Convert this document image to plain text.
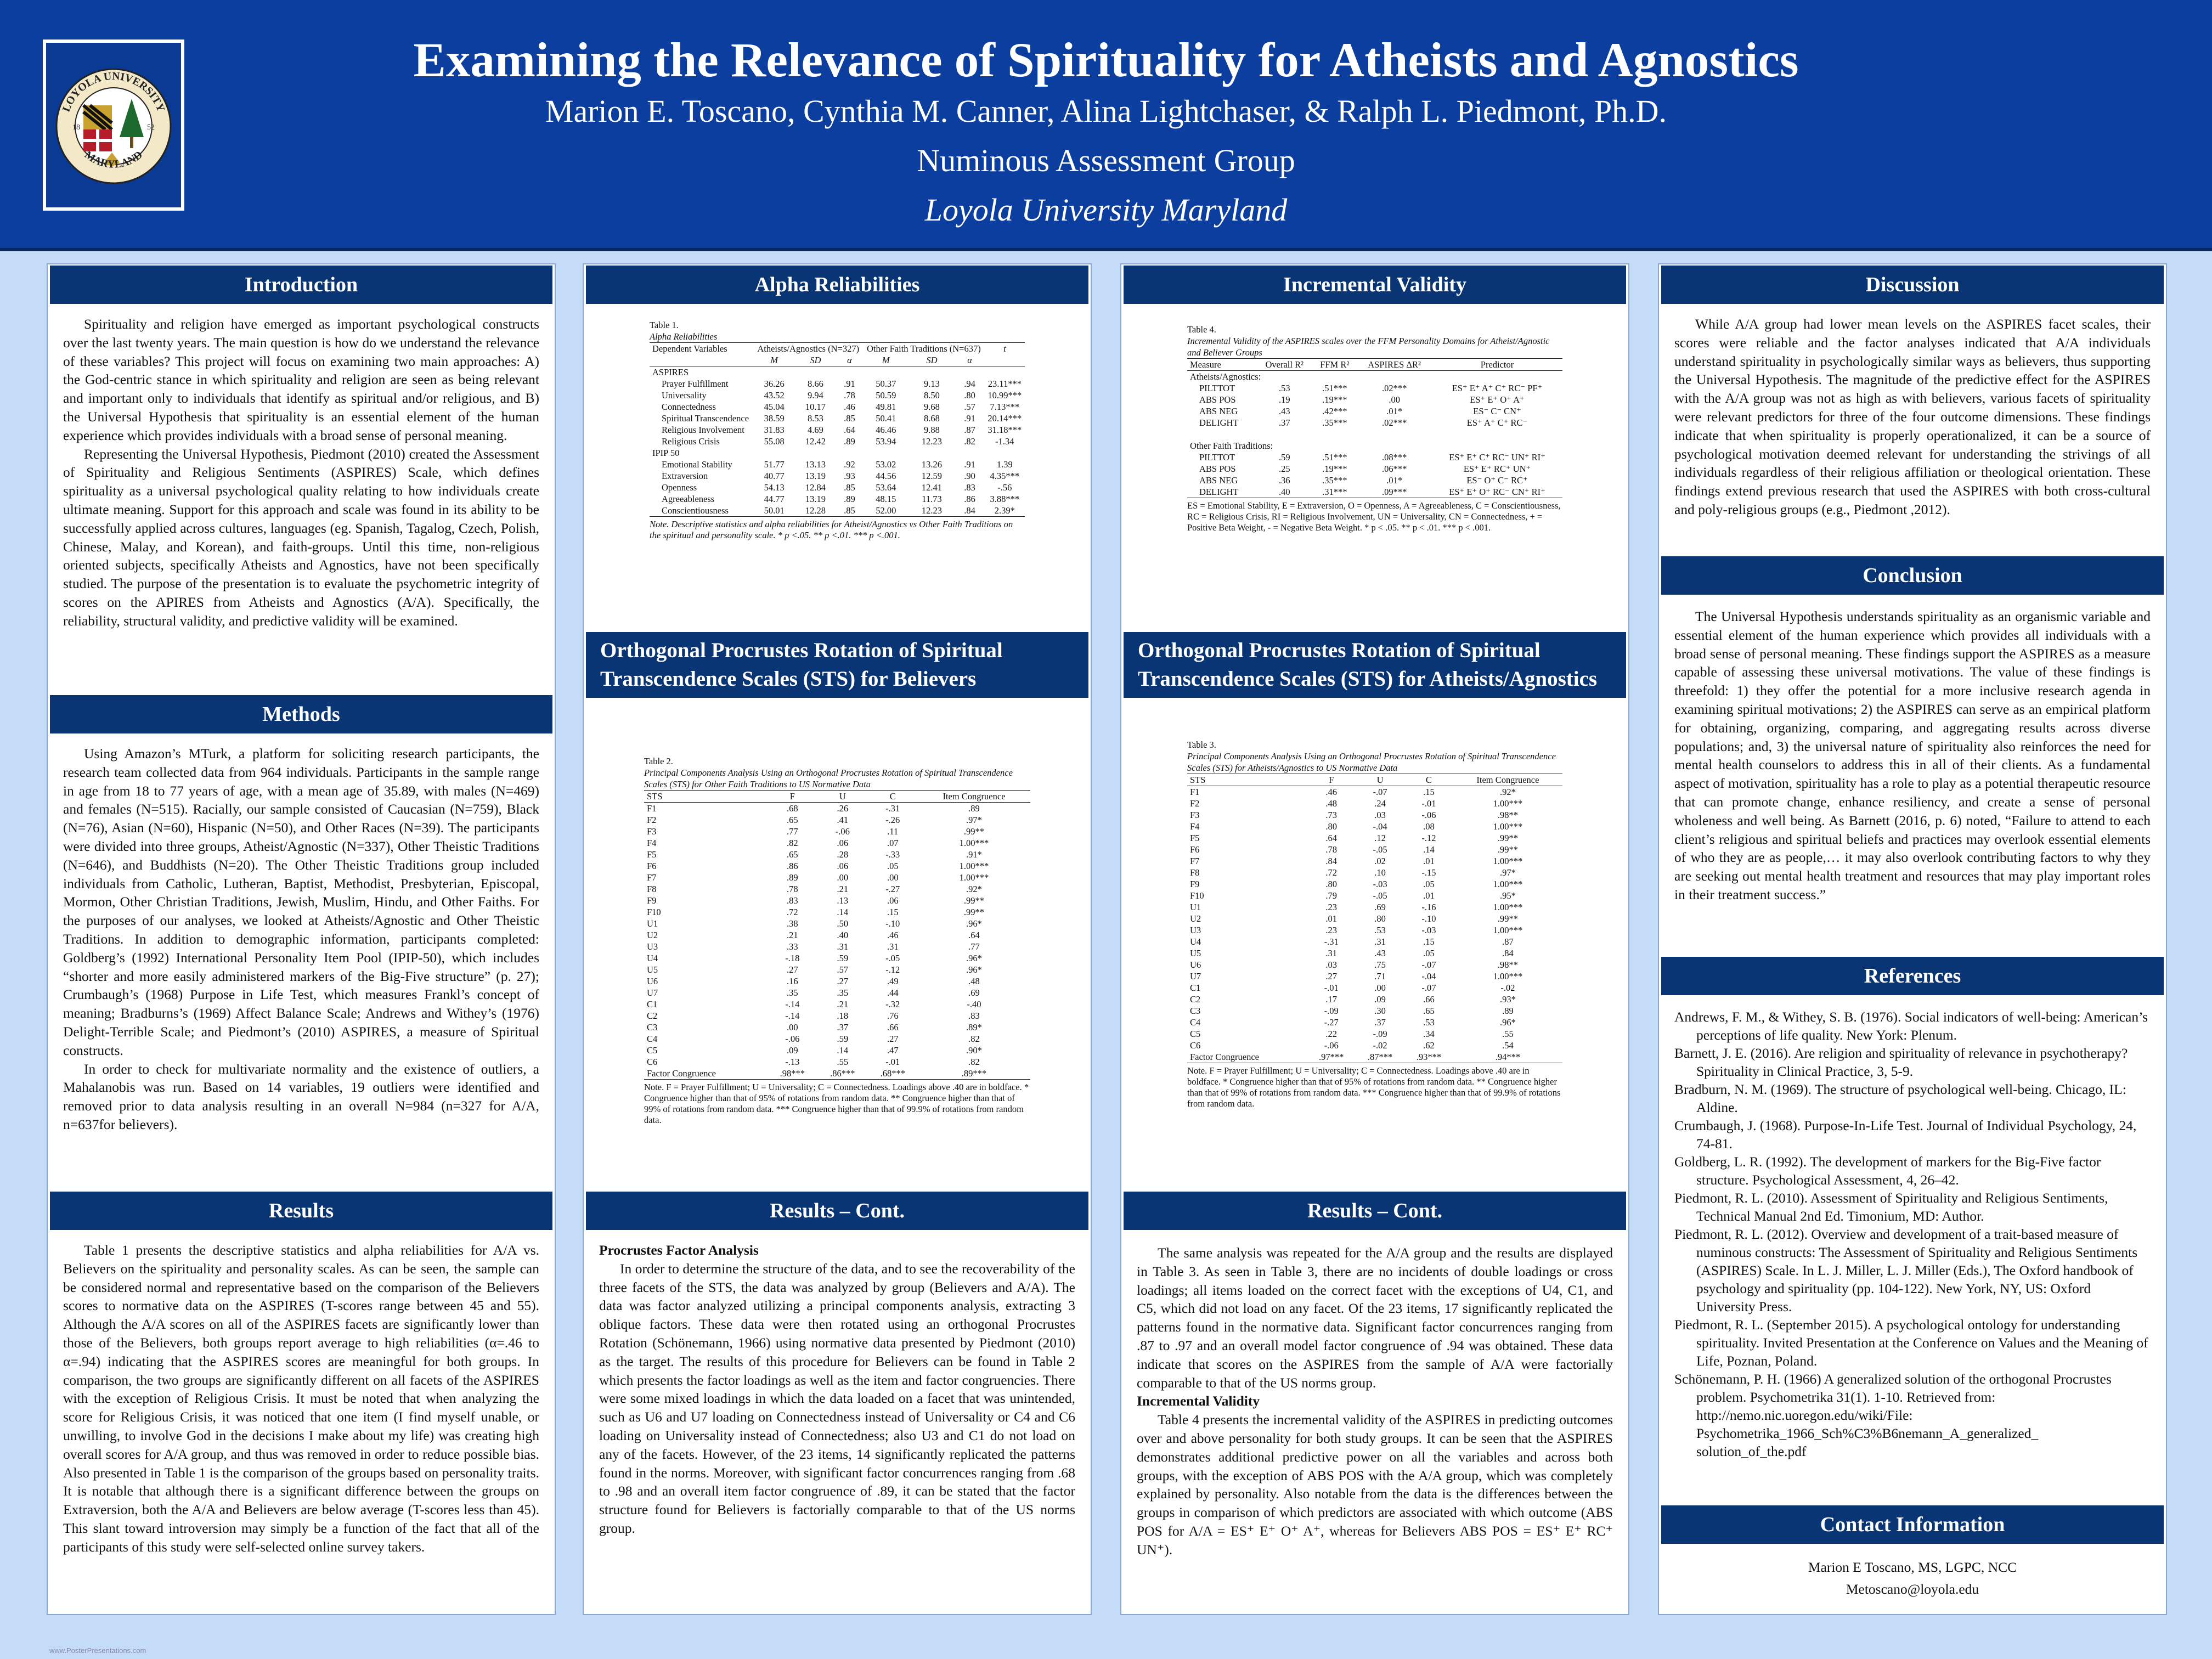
LOYOLA UNIVERSITY
MARYLAND
18	52
Examining the Relevance of Spirituality for Atheists and Agnostics
Marion E. Toscano, Cynthia M. Canner, Alina Lightchaser, & Ralph L. Piedmont, Ph.D.
Numinous Assessment Group
Loyola University Maryland
Introduction

Spirituality and religion have emerged as important psychological constructs over the last twenty years. The main question is how do we understand the relevance of these variables? This project will focus on examining two main approaches: A) the God-centric stance in which spirituality and religion are seen as being relevant and important only to individuals that identify as spiritual and/or religious, and B) the Universal Hypothesis that spirituality is an essential element of the human experience which provides individuals with a broad sense of personal meaning.

Representing the Universal Hypothesis, Piedmont (2010) created the Assessment of Spirituality and Religious Sentiments (ASPIRES) Scale, which defines spirituality as a universal psychological quality relating to how individuals create ultimate meaning. Support for this approach and scale was found in its ability to be successfully applied across cultures, languages (eg. Spanish, Tagalog, Czech, Polish, Chinese, Malay, and Korean), and faith-groups. Until this time, non-religious oriented subjects, specifically Atheists and Agnostics, have not been specifically studied. The purpose of the presentation is to evaluate the psychometric integrity of scores on the APIRES from Atheists and Agnostics (A/A). Specifically, the reliability, structural validity, and predictive validity will be examined.

Methods

Using Amazon’s MTurk, a platform for soliciting research participants, the research team collected data from 964 individuals. Participants in the sample range in age from 18 to 77 years of age, with a mean age of 35.89, with males (N=469) and females (N=515). Racially, our sample consisted of Caucasian (N=759), Black (N=76), Asian (N=60), Hispanic (N=50), and Other Races (N=39). The participants were divided into three groups, Atheist/Agnostic (N=337), Other Theistic Traditions (N=646), and Buddhists (N=20). The Other Theistic Traditions group included individuals from Catholic, Lutheran, Baptist, Methodist, Presbyterian, Episcopal, Mormon, Other Christian Traditions, Jewish, Muslim, Hindu, and Other Faiths. For the purposes of our analyses, we looked at Atheists/Agnostic and Other Theistic Traditions. In addition to demographic information, participants completed: Goldberg’s (1992) International Personality Item Pool (IPIP-50), which includes “shorter and more easily administered markers of the Big-Five structure” (p. 27); Crumbaugh’s (1968) Purpose in Life Test, which measures Frankl’s concept of meaning; Bradburns’s (1969) Affect Balance Scale; Andrews and Withey’s (1976) Delight-Terrible Scale; and Piedmont’s (2010) ASPIRES, a measure of Spiritual constructs.

In order to check for multivariate normality and the existence of outliers, a Mahalanobis was run. Based on 14 variables, 19 outliers were identified and removed prior to data analysis resulting in an overall N=984 (n=327 for A/A, n=637for believers).

Results

Table 1 presents the descriptive statistics and alpha reliabilities for A/A vs. Believers on the spirituality and personality scales. As can be seen, the sample can be considered normal and representative based on the comparison of the Believers scores to normative data on the ASPIRES (T-scores range between 45 and 55). Although the A/A scores on all of the ASPIRES facets are significantly lower than those of the Believers, both groups report average to high reliabilities (α=.46 to α=.94) indicating that the ASPIRES scores are meaningful for both groups. In comparison, the two groups are significantly different on all facets of the ASPIRES with the exception of Religious Crisis. It must be noted that when analyzing the score for Religious Crisis, it was noticed that one item (I find myself unable, or unwilling, to involve God in the decisions I make about my life) was creating high overall scores for A/A group, and thus was removed in order to reduce possible bias. Also presented in Table 1 is the comparison of the groups based on personality traits. It is notable that although there is a significant difference between the groups on Extraversion, both the A/A and Believers are below average (T-scores less than 45). This slant toward introversion may simply be a function of the fact that all of the participants of this study were self-selected online survey takers.

Alpha Reliabilities
Table 1.
Alpha Reliabilities
Dependent Variables	Atheists/Agnostics (N=327)			Other Faith Traditions (N=637)			t
	M	SD	α	M	SD	α	
ASPIRES							
Prayer Fulfillment	36.26	8.66	.91	50.37	9.13	.94	23.11***
Universality	43.52	9.94	.78	50.59	8.50	.80	10.99***
Connectedness	45.04	10.17	.46	49.81	9.68	.57	7.13***
Spiritual Transcendence	38.59	8.53	.85	50.41	8.68	.91	20.14***
Religious Involvement	31.83	4.69	.64	46.46	9.88	.87	31.18***
Religious Crisis	55.08	12.42	.89	53.94	12.23	.82	-1.34
IPIP 50							
Emotional Stability	51.77	13.13	.92	53.02	13.26	.91	1.39
Extraversion	40.77	13.19	.93	44.56	12.59	.90	4.35***
Openness	54.13	12.84	.85	53.64	12.41	.83	-.56
Agreeableness	44.77	13.19	.89	48.15	11.73	.86	3.88***
Conscientiousness	50.01	12.28	.85	52.00	12.23	.84	2.39*
Note. Descriptive statistics and alpha reliabilities for Atheist/Agnostics vs Other Faith Traditions on the spiritual and personality scale. * p <.05. ** p <.01. *** p <.001.
Orthogonal Procrustes Rotation of Spiritual Transcendence Scales (STS) for Believers
Table 2.
Principal Components Analysis Using an Orthogonal Procrustes Rotation of Spiritual Transcendence Scales (STS) for Other Faith Traditions to US Normative Data
STS	F	U	C	Item Congruence
F1	.68	.26	-.31	.89
F2	.65	.41	-.26	.97*
F3	.77	-.06	.11	.99**
F4	.82	.06	.07	1.00***
F5	.65	.28	-.33	.91*
F6	.86	.06	.05	1.00***
F7	.89	.00	.00	1.00***
F8	.78	.21	-.27	.92*
F9	.83	.13	.06	.99**
F10	.72	.14	.15	.99**
U1	.38	.50	-.10	.96*
U2	.21	.40	.46	.64
U3	.33	.31	.31	.77
U4	-.18	.59	-.05	.96*
U5	.27	.57	-.12	.96*
U6	.16	.27	.49	.48
U7	.35	.35	.44	.69
C1	-.14	.21	-.32	-.40
C2	-.14	.18	.76	.83
C3	.00	.37	.66	.89*
C4	-.06	.59	.27	.82
C5	.09	.14	.47	.90*
C6	-.13	.55	-.01	.82
Factor Congruence	.98***	.86***	.68***	.89***
Note. F = Prayer Fulfillment; U = Universality; C = Connectedness. Loadings above .40 are in boldface. * Congruence higher than that of 95% of rotations from random data. ** Congruence higher than that of 99% of rotations from random data. *** Congruence higher than that of 99.9% of rotations from random data.
Results – Cont.

Procrustes Factor Analysis

In order to determine the structure of the data, and to see the recoverability of the three facets of the STS, the data was analyzed by group (Believers and A/A). The data was factor analyzed utilizing a principal components analysis, extracting 3 oblique factors. These data were then rotated using an orthogonal Procrustes Rotation (Schönemann, 1966) using normative data presented by Piedmont (2010) as the target. The results of this procedure for Believers can be found in Table 2 which presents the factor loadings as well as the item and factor congruencies. There were some mixed loadings in which the data loaded on a facet that was unintended, such as U6 and U7 loading on Connectedness instead of Universality or C4 and C6 loading on Universality instead of Connectedness; also U3 and C1 do not load on any of the facets. However, of the 23 items, 14 significantly replicated the patterns found in the norms. Moreover, with significant factor concurrences ranging from .68 to .98 and an overall item factor congruence of .89, it can be stated that the factor structure found for Believers is factorially comparable to that of the US norms group.

Incremental Validity
Table 4.
Incremental Validity of the ASPIRES scales over the FFM Personality Domains for Atheist/Agnostic and Believer Groups
Measure	Overall R²	FFM R²	ASPIRES ΔR²	Predictor
Atheists/Agnostics:				
PILTTOT	.53	.51***	.02***	ES⁺ E⁺ A⁺ C⁺ RC⁻ PF⁺
ABS POS	.19	.19***	.00	ES⁺ E⁺ O⁺ A⁺
ABS NEG	.43	.42***	.01*	ES⁻ C⁻ CN⁺
DELIGHT	.37	.35***	.02***	ES⁺ A⁺ C⁺ RC⁻

Other Faith Traditions:				
PILTTOT	.59	.51***	.08***	ES⁺ E⁺ C⁺ RC⁻ UN⁺ RI⁺
ABS POS	.25	.19***	.06***	ES⁺ E⁺ RC⁺ UN⁺
ABS NEG	.36	.35***	.01*	ES⁻ O⁺ C⁻ RC⁺
DELIGHT	.40	.31***	.09***	ES⁺ E⁺ O⁺ RC⁻ CN⁺ RI⁺
ES = Emotional Stability, E = Extraversion, O = Openness, A = Agreeableness, C = Conscientiousness, RC = Religious Crisis, RI = Religious Involvement, UN = Universality, CN = Connectedness, + = Positive Beta Weight, - = Negative Beta Weight. * p < .05. ** p < .01. *** p < .001.
Orthogonal Procrustes Rotation of Spiritual Transcendence Scales (STS) for Atheists/Agnostics
Table 3.
Principal Components Analysis Using an Orthogonal Procrustes Rotation of Spiritual Transcendence Scales (STS) for Atheists/Agnostics to US Normative Data
STS	F	U	C	Item Congruence
F1	.46	-.07	.15	.92*
F2	.48	.24	-.01	1.00***
F3	.73	.03	-.06	.98**
F4	.80	-.04	.08	1.00***
F5	.64	.12	-.12	.99**
F6	.78	-.05	.14	.99**
F7	.84	.02	.01	1.00***
F8	.72	.10	-.15	.97*
F9	.80	-.03	.05	1.00***
F10	.79	-.05	.01	.95*
U1	.23	.69	-.16	1.00***
U2	.01	.80	-.10	.99**
U3	.23	.53	-.03	1.00***
U4	-.31	.31	.15	.87
U5	.31	.43	.05	.84
U6	.03	.75	-.07	.98**
U7	.27	.71	-.04	1.00***
C1	-.01	.00	-.07	-.02
C2	.17	.09	.66	.93*
C3	-.09	.30	.65	.89
C4	-.27	.37	.53	.96*
C5	.22	-.09	.34	.55
C6	-.06	-.02	.62	.54
Factor Congruence	.97***	.87***	.93***	.94***
Note. F = Prayer Fulfillment; U = Universality; C = Connectedness. Loadings above .40 are in boldface. * Congruence higher than that of 95% of rotations from random data. ** Congruence higher than that of 99% of rotations from random data. *** Congruence higher than that of 99.9% of rotations from random data.
Results – Cont.

The same analysis was repeated for the A/A group and the results are displayed in Table 3. As seen in Table 3, there are no incidents of double loadings or cross loadings; all items loaded on the correct facet with the exceptions of U4, C1, and C5, which did not load on any facet. Of the 23 items, 17 significantly replicated the patterns found in the normative data. Significant factor concurrences ranging from .87 to .97 and an overall model factor congruence of .94 was obtained. These data indicate that scores on the ASPIRES from the sample of A/A were factorially comparable to that of the US norms group.

Incremental Validity

Table 4 presents the incremental validity of the ASPIRES in predicting outcomes over and above personality for both study groups. It can be seen that the ASPIRES demonstrates additional predictive power on all the variables and across both groups, with the exception of ABS POS with the A/A group, which was completely explained by personality. Also notable from the data is the differences between the groups in comparison of which predictors are associated with which outcome (ABS POS for A/A = ES⁺ E⁺ O⁺ A⁺, whereas for Believers ABS POS = ES⁺ E⁺ RC⁺ UN⁺).

Discussion

While A/A group had lower mean levels on the ASPIRES facet scales, their scores were reliable and the factor analyses indicated that A/A individuals understand spirituality in psychologically similar ways as believers, thus supporting the Universal Hypothesis. The magnitude of the predictive effect for the ASPIRES with the A/A group was not as high as with believers, various facets of spirituality were relevant predictors for three of the four outcome dimensions. These findings indicate that when spirituality is properly operationalized, it can be a source of psychological motivation deemed relevant for understanding the strivings of all individuals regardless of their religious affiliation or theological orientation. These findings extend previous research that used the ASPIRES with both cross-cultural and poly-religious groups (e.g., Piedmont ,2012).

Conclusion

The Universal Hypothesis understands spirituality as an organismic variable and essential element of the human experience which provides all individuals with a broad sense of personal meaning. These findings support the ASPIRES as a measure capable of assessing these universal motivations. The value of these findings is threefold: 1) they offer the potential for a more inclusive research agenda in examining spiritual motivations; 2) the ASPIRES can serve as an empirical platform for obtaining, organizing, comparing, and aggregating results across diverse populations; and, 3) the universal nature of spirituality also reinforces the need for mental health counselors to address this in all of their clients. As a fundamental aspect of motivation, spirituality has a role to play as a potential therapeutic resource that can promote change, enhance resiliency, and create a sense of personal wholeness and well being. As Barnett (2016, p. 6) noted, “Failure to attend to each client’s religious and spiritual beliefs and practices may overlook essential elements of who they are as people,… it may also overlook contributing factors to why they are seeking out mental health treatment and resources that may play important roles in their treatment success.”

References
Andrews, F. M., & Withey, S. B. (1976). Social indicators of well-being: American’s perceptions of life quality. New York: Plenum.
Barnett, J. E. (2016). Are religion and spirituality of relevance in psychotherapy? Spirituality in Clinical Practice, 3, 5-9.
Bradburn, N. M. (1969). The structure of psychological well-being. Chicago, IL: Aldine.
Crumbaugh, J. (1968). Purpose-In-Life Test. Journal of Individual Psychology, 24, 74-81.
Goldberg, L. R. (1992). The development of markers for the Big-Five factor structure. Psychological Assessment, 4, 26–42.
Piedmont, R. L. (2010). Assessment of Spirituality and Religious Sentiments, Technical Manual 2nd Ed. Timonium, MD: Author.
Piedmont, R. L. (2012). Overview and development of a trait-based measure of numinous constructs: The Assessment of Spirituality and Religious Sentiments (ASPIRES) Scale. In L. J. Miller, L. J. Miller (Eds.), The Oxford handbook of psychology and spirituality (pp. 104-122). New York, NY, US: Oxford University Press.
Piedmont, R. L. (September 2015). A psychological ontology for understanding spirituality. Invited Presentation at the Conference on Values and the Meaning of Life, Poznan, Poland.
Schönemann, P. H. (1966) A generalized solution of the orthogonal Procrustes problem. Psychometrika 31(1). 1-10. Retrieved from: http://nemo.nic.uoregon.edu/wiki/File: Psychometrika_1966_Sch%C3%B6nemann_A_generalized_ solution_of_the.pdf
Contact Information
Marion E Toscano, MS, LGPC, NCC
Metoscano@loyola.edu
www.PosterPresentations.com
